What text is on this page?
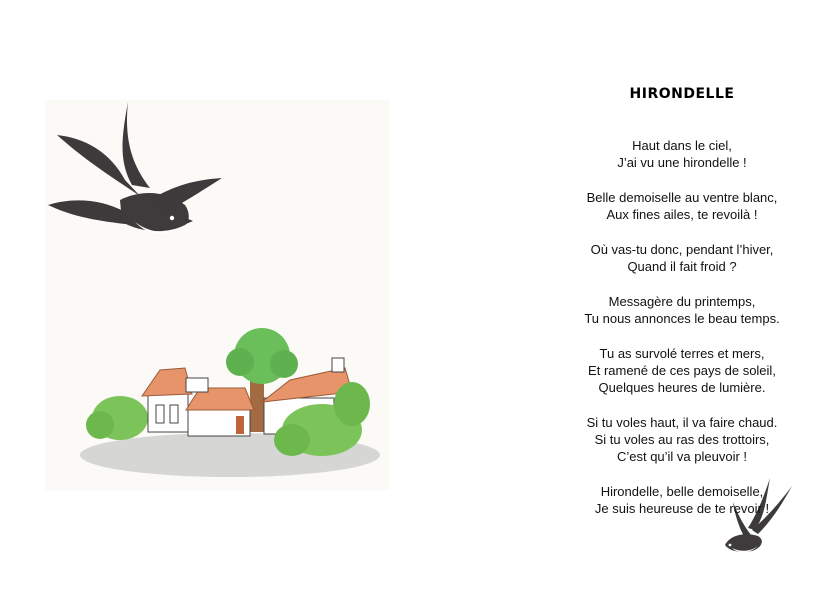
HIRONDELLE
Haut dans le ciel,
J’ai vu une hirondelle !
Belle demoiselle au ventre blanc,
Aux fines ailes, te revoilà !
Où vas-tu donc, pendant l’hiver,
Quand il fait froid ?
Messagère du printemps,
Tu nous annonces le beau temps.
Tu as survolé terres et mers,
Et ramené de ces pays de soleil,
Quelques heures de lumière.
Si tu voles haut, il va faire chaud.
Si tu voles au ras des trottoirs,
C’est qu’il va pleuvoir !
Hirondelle, belle demoiselle,
Je suis heureuse de te revoir !
